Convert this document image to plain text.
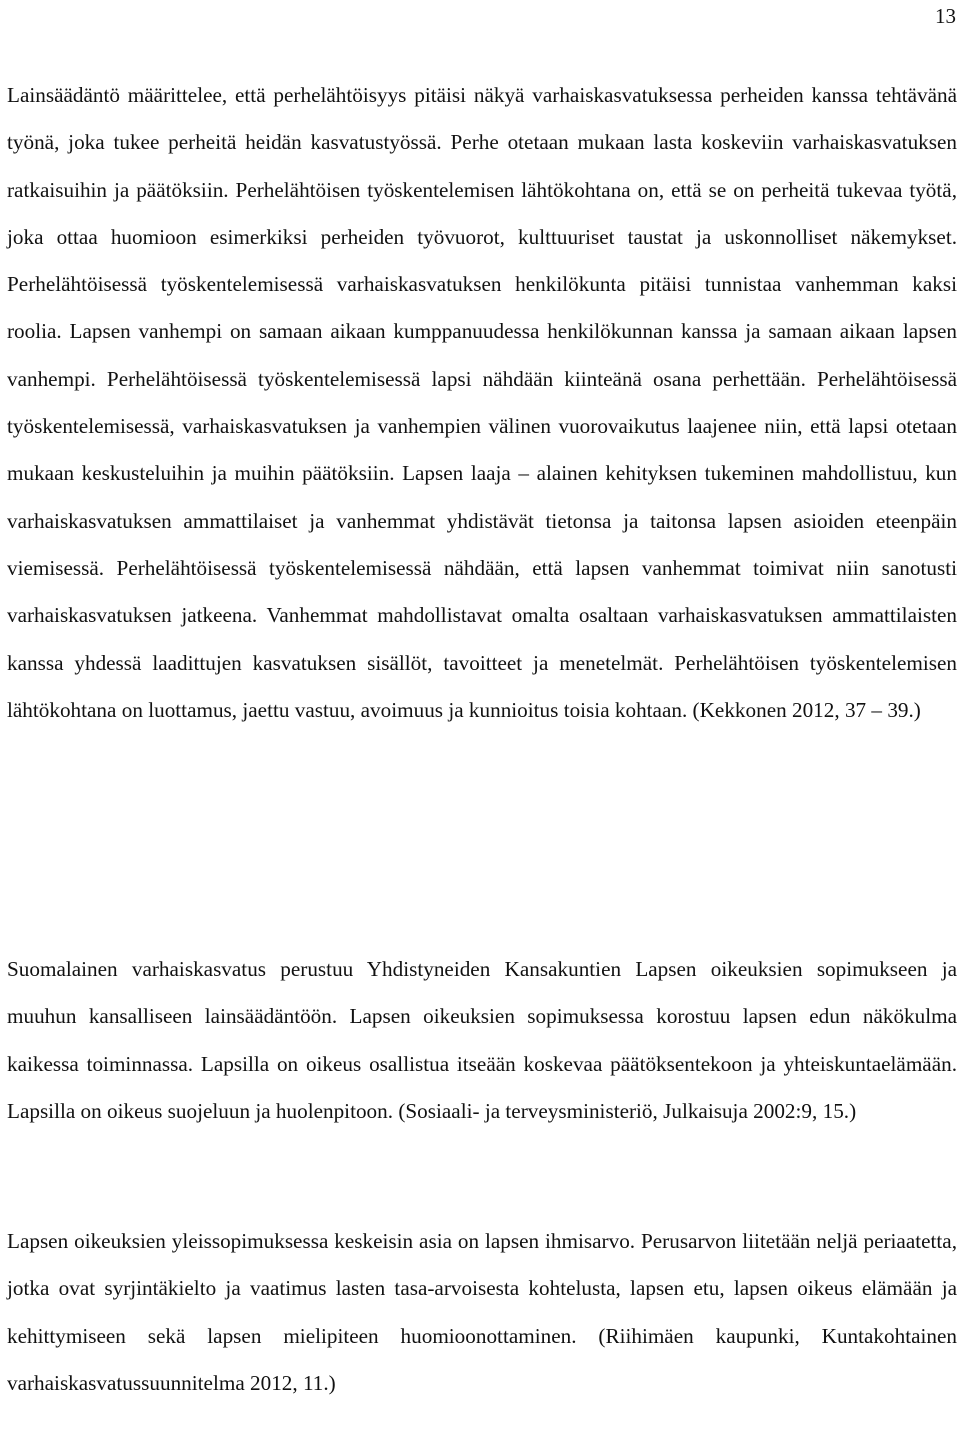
13

Lainsäädäntö määrittelee, että perhelähtöisyys pitäisi näkyä varhaiskasvatuksessa perheiden kanssa tehtävänä työnä, joka tukee perheitä heidän kasvatustyössä. Perhe otetaan mukaan lasta koskeviin varhaiskasvatuksen ratkaisuihin ja päätöksiin. Perhelähtöisen työskentelemisen lähtökohtana on, että se on perheitä tukevaa työtä, joka ottaa huomioon esimerkiksi perheiden työvuorot, kulttuuriset taustat ja uskonnolliset näkemykset. Perhelähtöisessä työskentelemisessä varhaiskasvatuksen henkilökunta pitäisi tunnistaa vanhemman kaksi roolia. Lapsen vanhempi on samaan aikaan kumppanuudessa henkilökunnan kanssa ja samaan aikaan lapsen vanhempi. Perhelähtöisessä työskentelemisessä lapsi nähdään kiinteänä osana perhettään. Perhelähtöisessä työskentelemisessä, varhaiskasvatuksen ja vanhempien välinen vuorovaikutus laajenee niin, että lapsi otetaan mukaan keskusteluihin ja muihin päätöksiin. Lapsen laaja – alainen kehityksen tukeminen mahdollistuu, kun varhaiskasvatuksen ammattilaiset ja vanhemmat yhdistävät tietonsa ja taitonsa lapsen asioiden eteenpäin viemisessä. Perhelähtöisessä työskentelemisessä nähdään, että lapsen vanhemmat toimivat niin sanotusti varhaiskasvatuksen jatkeena. Vanhemmat mahdollistavat omalta osaltaan varhaiskasvatuksen ammattilaisten kanssa yhdessä laadittujen kasvatuksen sisällöt, tavoitteet ja menetelmät. Perhelähtöisen työskentelemisen lähtökohtana on luottamus, jaettu vastuu, avoimuus ja kunnioitus toisia kohtaan. (Kekkonen 2012, 37 – 39.)

Suomalainen varhaiskasvatus perustuu Yhdistyneiden Kansakuntien Lapsen oikeuksien sopimukseen ja muuhun kansalliseen lainsäädäntöön. Lapsen oikeuksien sopimuksessa korostuu lapsen edun näkökulma kaikessa toiminnassa. Lapsilla on oikeus osallistua itseään koskevaa päätöksentekoon ja yhteiskuntaelämään. Lapsilla on oikeus suojeluun ja huolenpitoon. (Sosiaali- ja terveysministeriö, Julkaisuja 2002:9, 15.)

Lapsen oikeuksien yleissopimuksessa keskeisin asia on lapsen ihmisarvo. Perusarvon liitetään neljä periaatetta, jotka ovat syrjintäkielto ja vaatimus lasten tasa-arvoisesta kohtelusta, lapsen etu, lapsen oikeus elämään ja kehittymiseen sekä lapsen mielipiteen huomioonottaminen. (Riihimäen kaupunki, Kuntakohtainen varhaiskasvatussuunnitelma 2012, 11.)
